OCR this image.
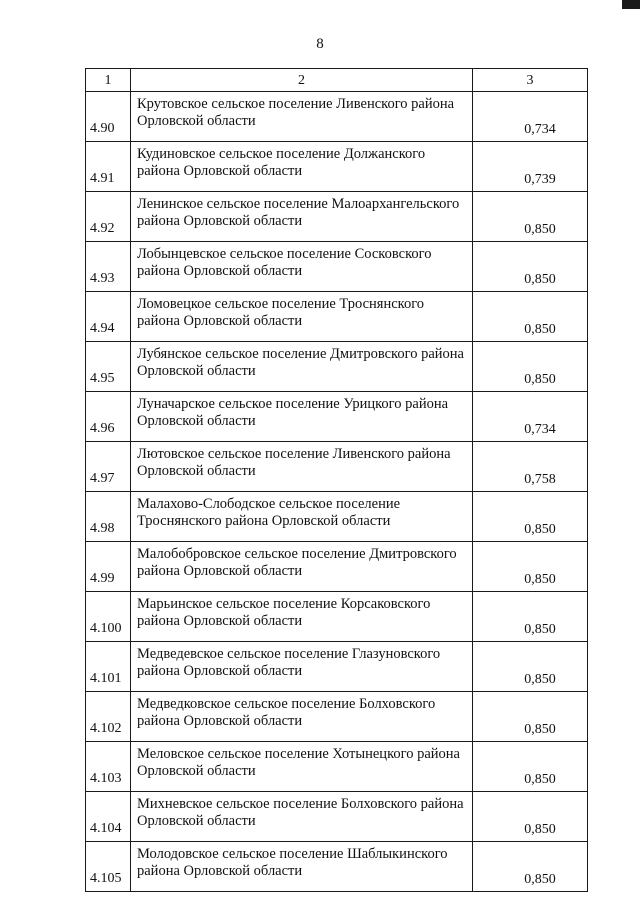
8
1	2	3
4.90	Крутовское сельское поселение Ливенского района Орловской области	0,734
4.91	Кудиновское сельское поселение Должанского района Орловской области	0,739
4.92	Ленинское сельское поселение Малоархангельского района Орловской области	0,850
4.93	Лобынцевское сельское поселение Сосковского района Орловской области	0,850
4.94	Ломовецкое сельское поселение Троснянского района Орловской области	0,850
4.95	Лубянское сельское поселение Дмитровского района Орловской области	0,850
4.96	Луначарское сельское поселение Урицкого района Орловской области	0,734
4.97	Лютовское сельское поселение Ливенского района Орловской области	0,758
4.98	Малахово-Слободское сельское поселение Троснянского района Орловской области	0,850
4.99	Малобобровское сельское поселение Дмитровского района Орловской области	0,850
4.100	Марьинское сельское поселение Корсаковского района Орловской области	0,850
4.101	Медведевское сельское поселение Глазуновского района Орловской области	0,850
4.102	Медведковское сельское поселение Болховского района Орловской области	0,850
4.103	Меловское сельское поселение Хотынецкого района Орловской области	0,850
4.104	Михневское сельское поселение Болховского района Орловской области	0,850
4.105	Молодовское сельское поселение Шаблыкинского района Орловской области	0,850
